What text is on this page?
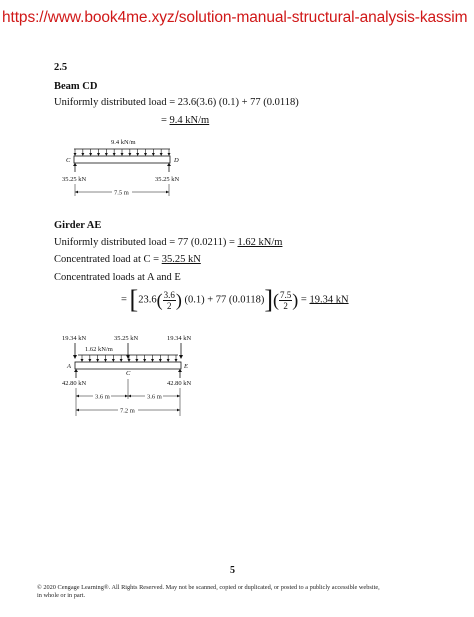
https://www.book4me.xyz/solution-manual-structural-analysis-kassim
2.5
Beam CD
Uniformly distributed load = 23.6(3.6) (0.1) + 77 (0.0118)
= 9.4 kN/m
9.4 kN/m
C	D
35.25 kN	35.25 kN
7.5 m
Girder AE
Uniformly distributed load = 77 (0.0211) = 1.62 kN/m
Concentrated load at C = 35.25 kN
Concentrated loads at A and E
= [$23.6( \frac{3.6}{2}$ ) (0.1) + 77 $(0.0118)]( \frac{7.5}{2}$ ) = 19.34 kN
19.34 kN	35.25 kN	19.34 kN
1.62 kN/m
A
C
E
42.80 kN	42.80 kN
3.6 m	3.6 m
7.2 m
5
© 2020 Cengage Learning®. All Rights Reserved. May not be scanned, copied or duplicated, or posted to a publicly accessible website,
in whole or in part.
